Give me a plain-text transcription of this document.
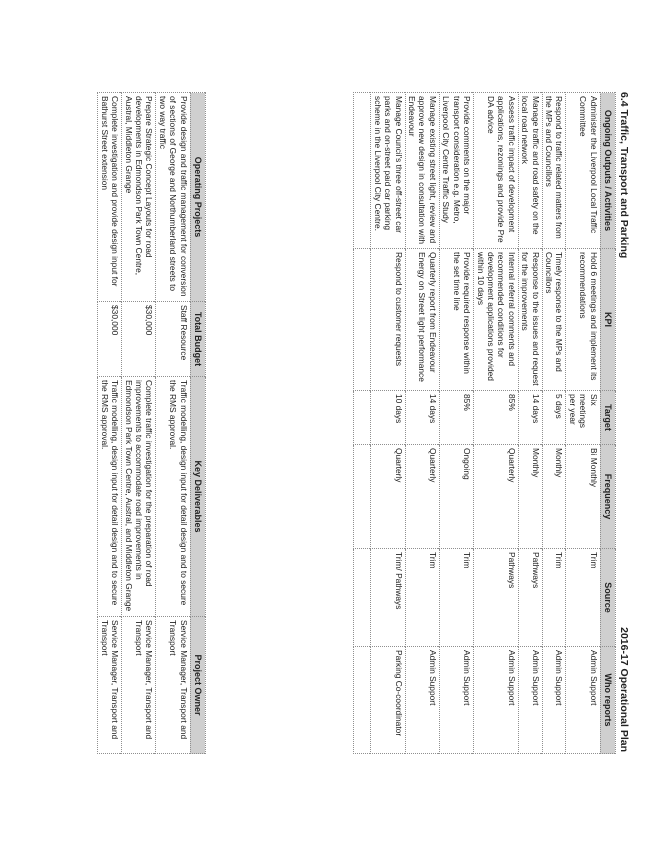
6.4 Traffic, Transport and Parking
2016-17 Operational Plan
Ongoing Outputs / Activities	KPI	Target	Frequency	Source	Who reports
Administer the Liverpool Local Traffic Committee	Hold 6 meetings and implement its recommendations	Six meetings per year	Bi Monthly	Trim	Admin Support
Respond to traffic related matters from the MPs and Councillors	Timely response to the MPs and Councillors	5 days	Monthly	Trim	Admin Support
Manage traffic and road safety on the local road network	Response to the issues and request for the improvements	14 days	Monthly	Pathways	Admin Support
Assess traffic impact of development applications, rezonings and provide Pre DA advice	Internal referral comments and recommended conditions for development applications provided within 10 days	85%	Quarterly	Pathways	Admin Support
Provide comments on the major transport consideration e.g. Metro, Liverpool City Centre Traffic Study	Provide required response within the set time line	85%	Ongoing	Trim	Admin Support
Manage existing street light, review and approve new design in consultation with Endeavour	Quarterly report from Endeavour Energy on Street light performance	14 days	Quarterly	Trim	Admin Support
Manage Council's three off-street car parks and on-street paid car parking scheme in the Liverpool City Centre.	Respond to customer requests	10 days	Quarterly	Trim/ Pathways	Parking Co-coordinator

Operating Projects	Total Budget	Key Deliverables	Project Owner
Provide design and traffic management for conversion of sections of George and Northumberland streets to two way traffic	Staff Resource	Traffic modelling, design input for detail design and to secure the RMS approval.	Service Manager, Transport and Transport
Prepare Strategic Concept Layouts for road developments in Edmondson Park Town Centre, Austral, Middleton Grange	$30,000	Complete traffic investigation for the preparation of road improvements to accommodate road improvements in Edmondson Park Town Centre, Austral, and Middleton Grange	Service Manager, Transport and Transport
Complete investigation and provide design input for Bathurst Street extension	$30,000	Traffic modelling, design input for detail design and to secure the RMS approval.	Service Manager, Transport and Transport
